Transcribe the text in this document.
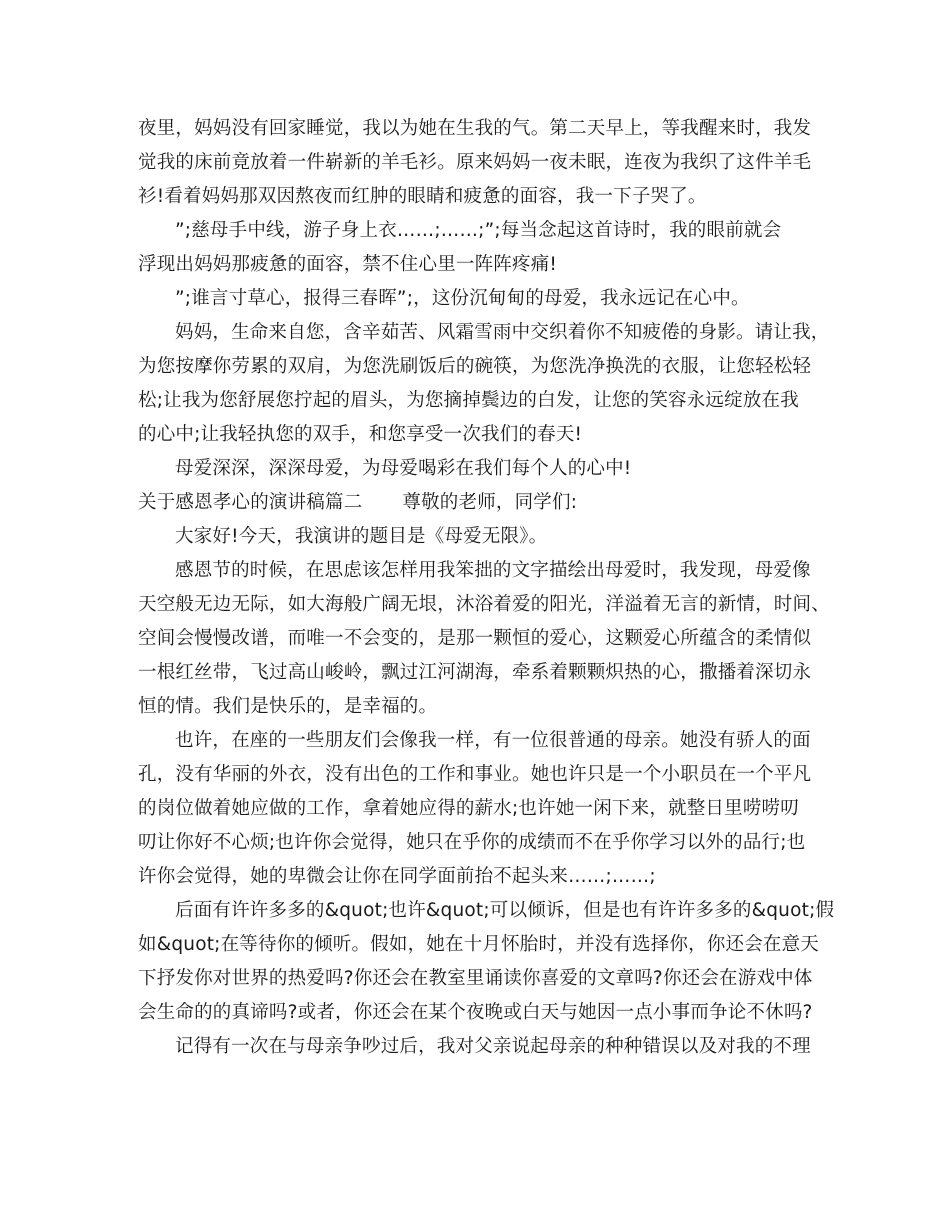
夜里，妈妈没有回家睡觉，我以为她在生我的气。第二天早上，等我醒来时，我发
觉我的床前竟放着一件崭新的羊毛衫。原来妈妈一夜未眠，连夜为我织了这件羊毛
衫!看着妈妈那双因熬夜而红肿的眼睛和疲惫的面容，我一下子哭了。
”;慈母手中线，游子身上衣……;……;”;每当念起这首诗时，我的眼前就会
浮现出妈妈那疲惫的面容，禁不住心里一阵阵疼痛!
”;谁言寸草心，报得三春晖”;，这份沉甸甸的母爱，我永远记在心中。
妈妈，生命来自您，含辛茹苦、风霜雪雨中交织着你不知疲倦的身影。请让我，
为您按摩你劳累的双肩，为您洗刷饭后的碗筷，为您洗净换洗的衣服，让您轻松轻
松;让我为您舒展您拧起的眉头，为您摘掉鬓边的白发，让您的笑容永远绽放在我
的心中;让我轻执您的双手，和您享受一次我们的春天!
母爱深深，深深母爱，为母爱喝彩在我们每个人的心中!
关于感恩孝心的演讲稿篇二 尊敬的老师，同学们:
大家好!今天，我演讲的题目是《母爱无限》。
感恩节的时候，在思虑该怎样用我笨拙的文字描绘出母爱时，我发现，母爱像
天空般无边无际，如大海般广阔无垠，沐浴着爱的阳光，洋溢着无言的新情，时间、
空间会慢慢改谱，而唯一不会变的，是那一颗恒的爱心，这颗爱心所蕴含的柔情似
一根红丝带，飞过高山峻岭，飘过江河湖海，牵系着颗颗炽热的心，撒播着深切永
恒的情。我们是快乐的，是幸福的。
也许，在座的一些朋友们会像我一样，有一位很普通的母亲。她没有骄人的面
孔，没有华丽的外衣，没有出色的工作和事业。她也许只是一个小职员在一个平凡
的岗位做着她应做的工作，拿着她应得的薪水;也许她一闲下来，就整日里唠唠叨
叨让你好不心烦;也许你会觉得，她只在乎你的成绩而不在乎你学习以外的品行;也
许你会觉得，她的卑微会让你在同学面前抬不起头来……;……;
后面有许许多多的&quot;也许&quot;可以倾诉，但是也有许许多多的&quot;假
如&quot;在等待你的倾听。假如，她在十月怀胎时，并没有选择你，你还会在意天
下抒发你对世界的热爱吗?你还会在教室里诵读你喜爱的文章吗?你还会在游戏中体
会生命的的真谛吗?或者，你还会在某个夜晚或白天与她因一点小事而争论不休吗?
记得有一次在与母亲争吵过后，我对父亲说起母亲的种种错误以及对我的不理
